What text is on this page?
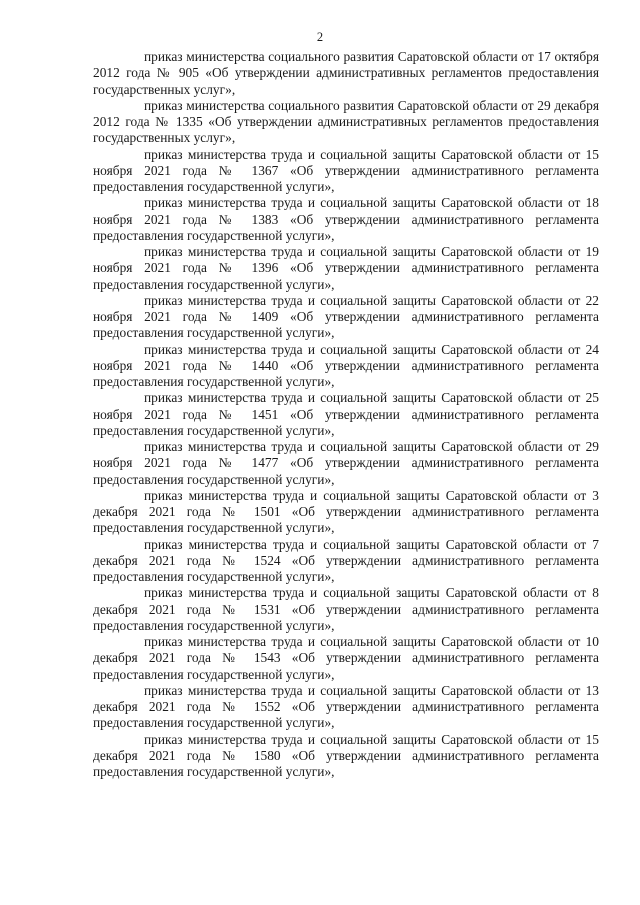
2

приказ министерства социального развития Саратовской области от 17 октября 2012 года № 905 «Об утверждении административных регламентов предоставления государственных услуг»,

приказ министерства социального развития Саратовской области от 29 декабря 2012 года № 1335 «Об утверждении административных регламентов предоставления государственных услуг»,

приказ министерства труда и социальной защиты Саратовской области от 15 ноября 2021 года № 1367 «Об утверждении административного регламента предоставления государственной услуги»,

приказ министерства труда и социальной защиты Саратовской области от 18 ноября 2021 года № 1383 «Об утверждении административного регламента предоставления государственной услуги»,

приказ министерства труда и социальной защиты Саратовской области от 19 ноября 2021 года № 1396 «Об утверждении административного регламента предоставления государственной услуги»,

приказ министерства труда и социальной защиты Саратовской области от 22 ноября 2021 года № 1409 «Об утверждении административного регламента предоставления государственной услуги»,

приказ министерства труда и социальной защиты Саратовской области от 24 ноября 2021 года № 1440 «Об утверждении административного регламента предоставления государственной услуги»,

приказ министерства труда и социальной защиты Саратовской области от 25 ноября 2021 года № 1451 «Об утверждении административного регламента предоставления государственной услуги»,

приказ министерства труда и социальной защиты Саратовской области от 29 ноября 2021 года № 1477 «Об утверждении административного регламента предоставления государственной услуги»,

приказ министерства труда и социальной защиты Саратовской области от 3 декабря 2021 года № 1501 «Об утверждении административного регламента предоставления государственной услуги»,

приказ министерства труда и социальной защиты Саратовской области от 7 декабря 2021 года № 1524 «Об утверждении административного регламента предоставления государственной услуги»,

приказ министерства труда и социальной защиты Саратовской области от 8 декабря 2021 года № 1531 «Об утверждении административного регламента предоставления государственной услуги»,

приказ министерства труда и социальной защиты Саратовской области от 10 декабря 2021 года № 1543 «Об утверждении административного регламента предоставления государственной услуги»,

приказ министерства труда и социальной защиты Саратовской области от 13 декабря 2021 года № 1552 «Об утверждении административного регламента предоставления государственной услуги»,

приказ министерства труда и социальной защиты Саратовской области от 15 декабря 2021 года № 1580 «Об утверждении административного регламента предоставления государственной услуги»,
